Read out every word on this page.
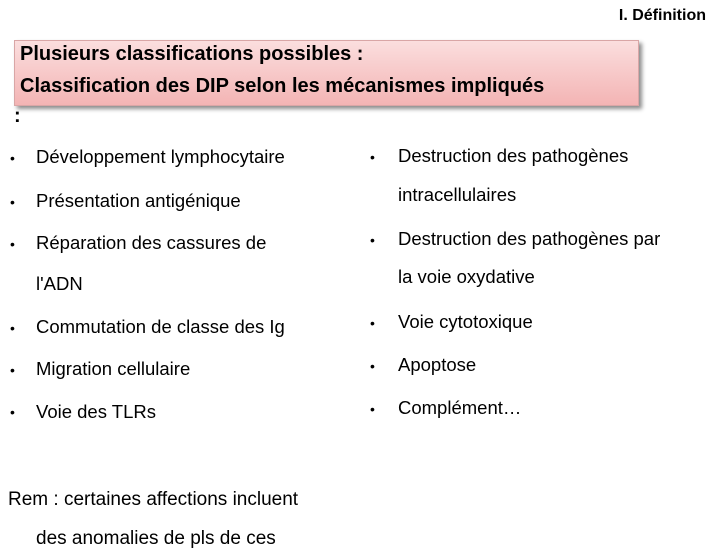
I. Définition
Plusieurs classifications possibles :
Classification des DIP selon les mécanismes impliqués
:
• Développement lymphocytaire
• Présentation antigénique
• Réparation des cassures de
l'ADN
• Commutation de classe des Ig
• Migration cellulaire
• Voie des TLRs
• Destruction des pathogènes
intracellulaires
• Destruction des pathogènes par
la voie oxydative
• Voie cytotoxique
• Apoptose
• Complément…
Rem : certaines affections incluent
des anomalies de pls de ces
